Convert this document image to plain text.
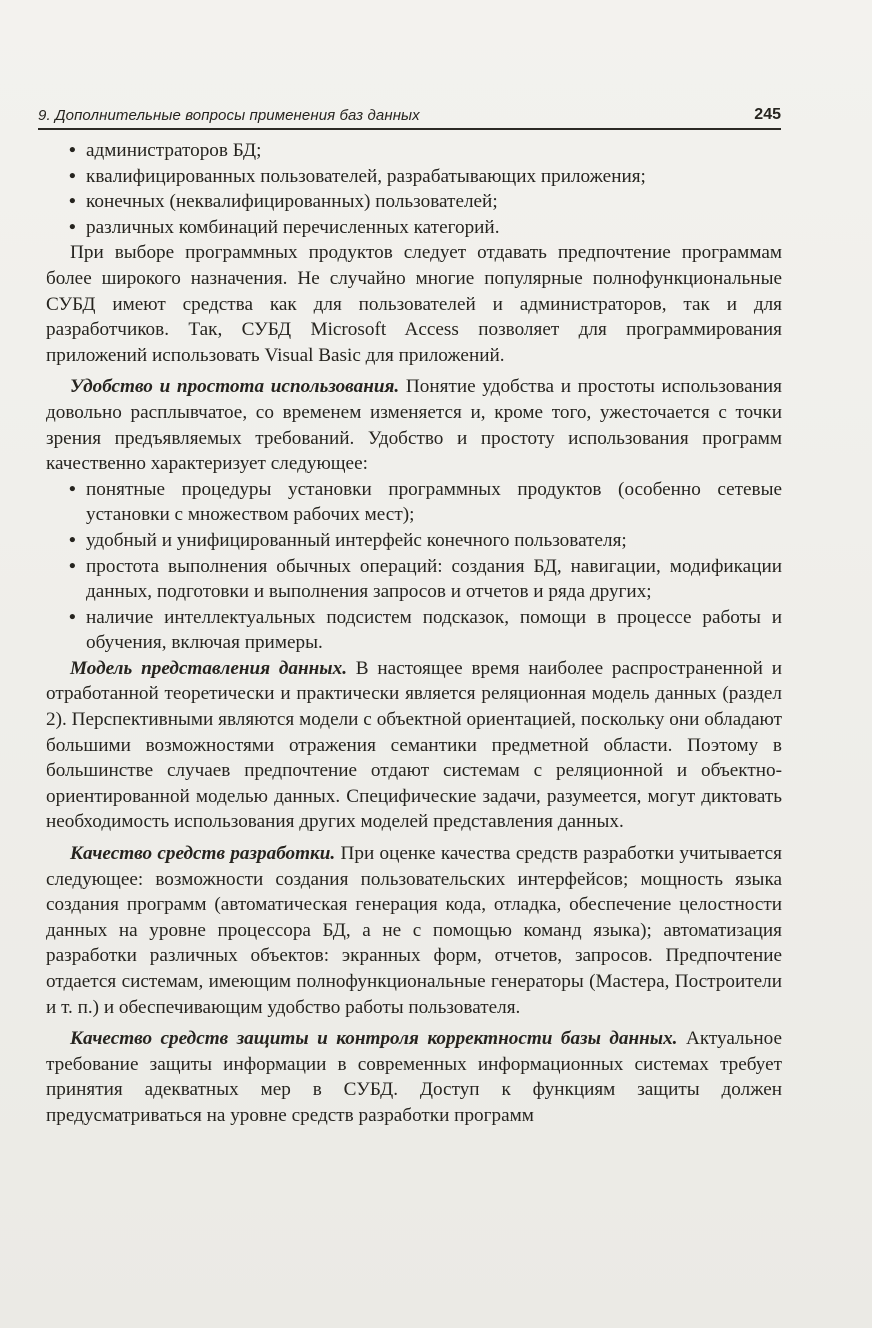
9. Дополнительные вопросы применения баз данных	245

• администраторов БД;

• квалифицированных пользователей, разрабатывающих приложения;

• конечных (неквалифицированных) пользователей;

• различных комбинаций перечисленных категорий.

При выборе программных продуктов следует отдавать предпочтение программам более широкого назначения. Не случайно многие популярные полнофункциональные СУБД имеют средства как для пользователей и администраторов, так и для разработчиков. Так, СУБД Microsoft Access позволяет для программирования приложений использовать Visual Basic для приложений.

Удобство и простота использования. Понятие удобства и простоты использования довольно расплывчатое, со временем изменяется и, кроме того, ужесточается с точки зрения предъявляемых требований. Удобство и простоту использования программ качественно характеризует следующее:

• понятные процедуры установки программных продуктов (особенно сетевые установки с множеством рабочих мест);

• удобный и унифицированный интерфейс конечного пользователя;

• простота выполнения обычных операций: создания БД, навигации, модификации данных, подготовки и выполнения запросов и отчетов и ряда других;

• наличие интеллектуальных подсистем подсказок, помощи в процессе работы и обучения, включая примеры.

Модель представления данных. В настоящее время наиболее распространенной и отработанной теоретически и практически является реляционная модель данных (раздел 2). Перспективными являются модели с объектной ориентацией, поскольку они обладают большими возможностями отражения семантики предметной области. Поэтому в большинстве случаев предпочтение отдают системам с реляционной и объектно-ориентированной моделью данных. Специфические задачи, разумеется, могут диктовать необходимость использования других моделей представления данных.

Качество средств разработки. При оценке качества средств разработки учитывается следующее: возможности создания пользовательских интерфейсов; мощность языка создания программ (автоматическая генерация кода, отладка, обеспечение целостности данных на уровне процессора БД, а не с помощью команд языка); автоматизация разработки различных объектов: экранных форм, отчетов, запросов. Предпочтение отдается системам, имеющим полнофункциональные генераторы (Мастера, Построители и т. п.) и обеспечивающим удобство работы пользователя.

Качество средств защиты и контроля корректности базы данных. Актуальное требование защиты информации в современных информационных системах требует принятия адекватных мер в СУБД. Доступ к функциям защиты должен предусматриваться на уровне средств разработки программ
